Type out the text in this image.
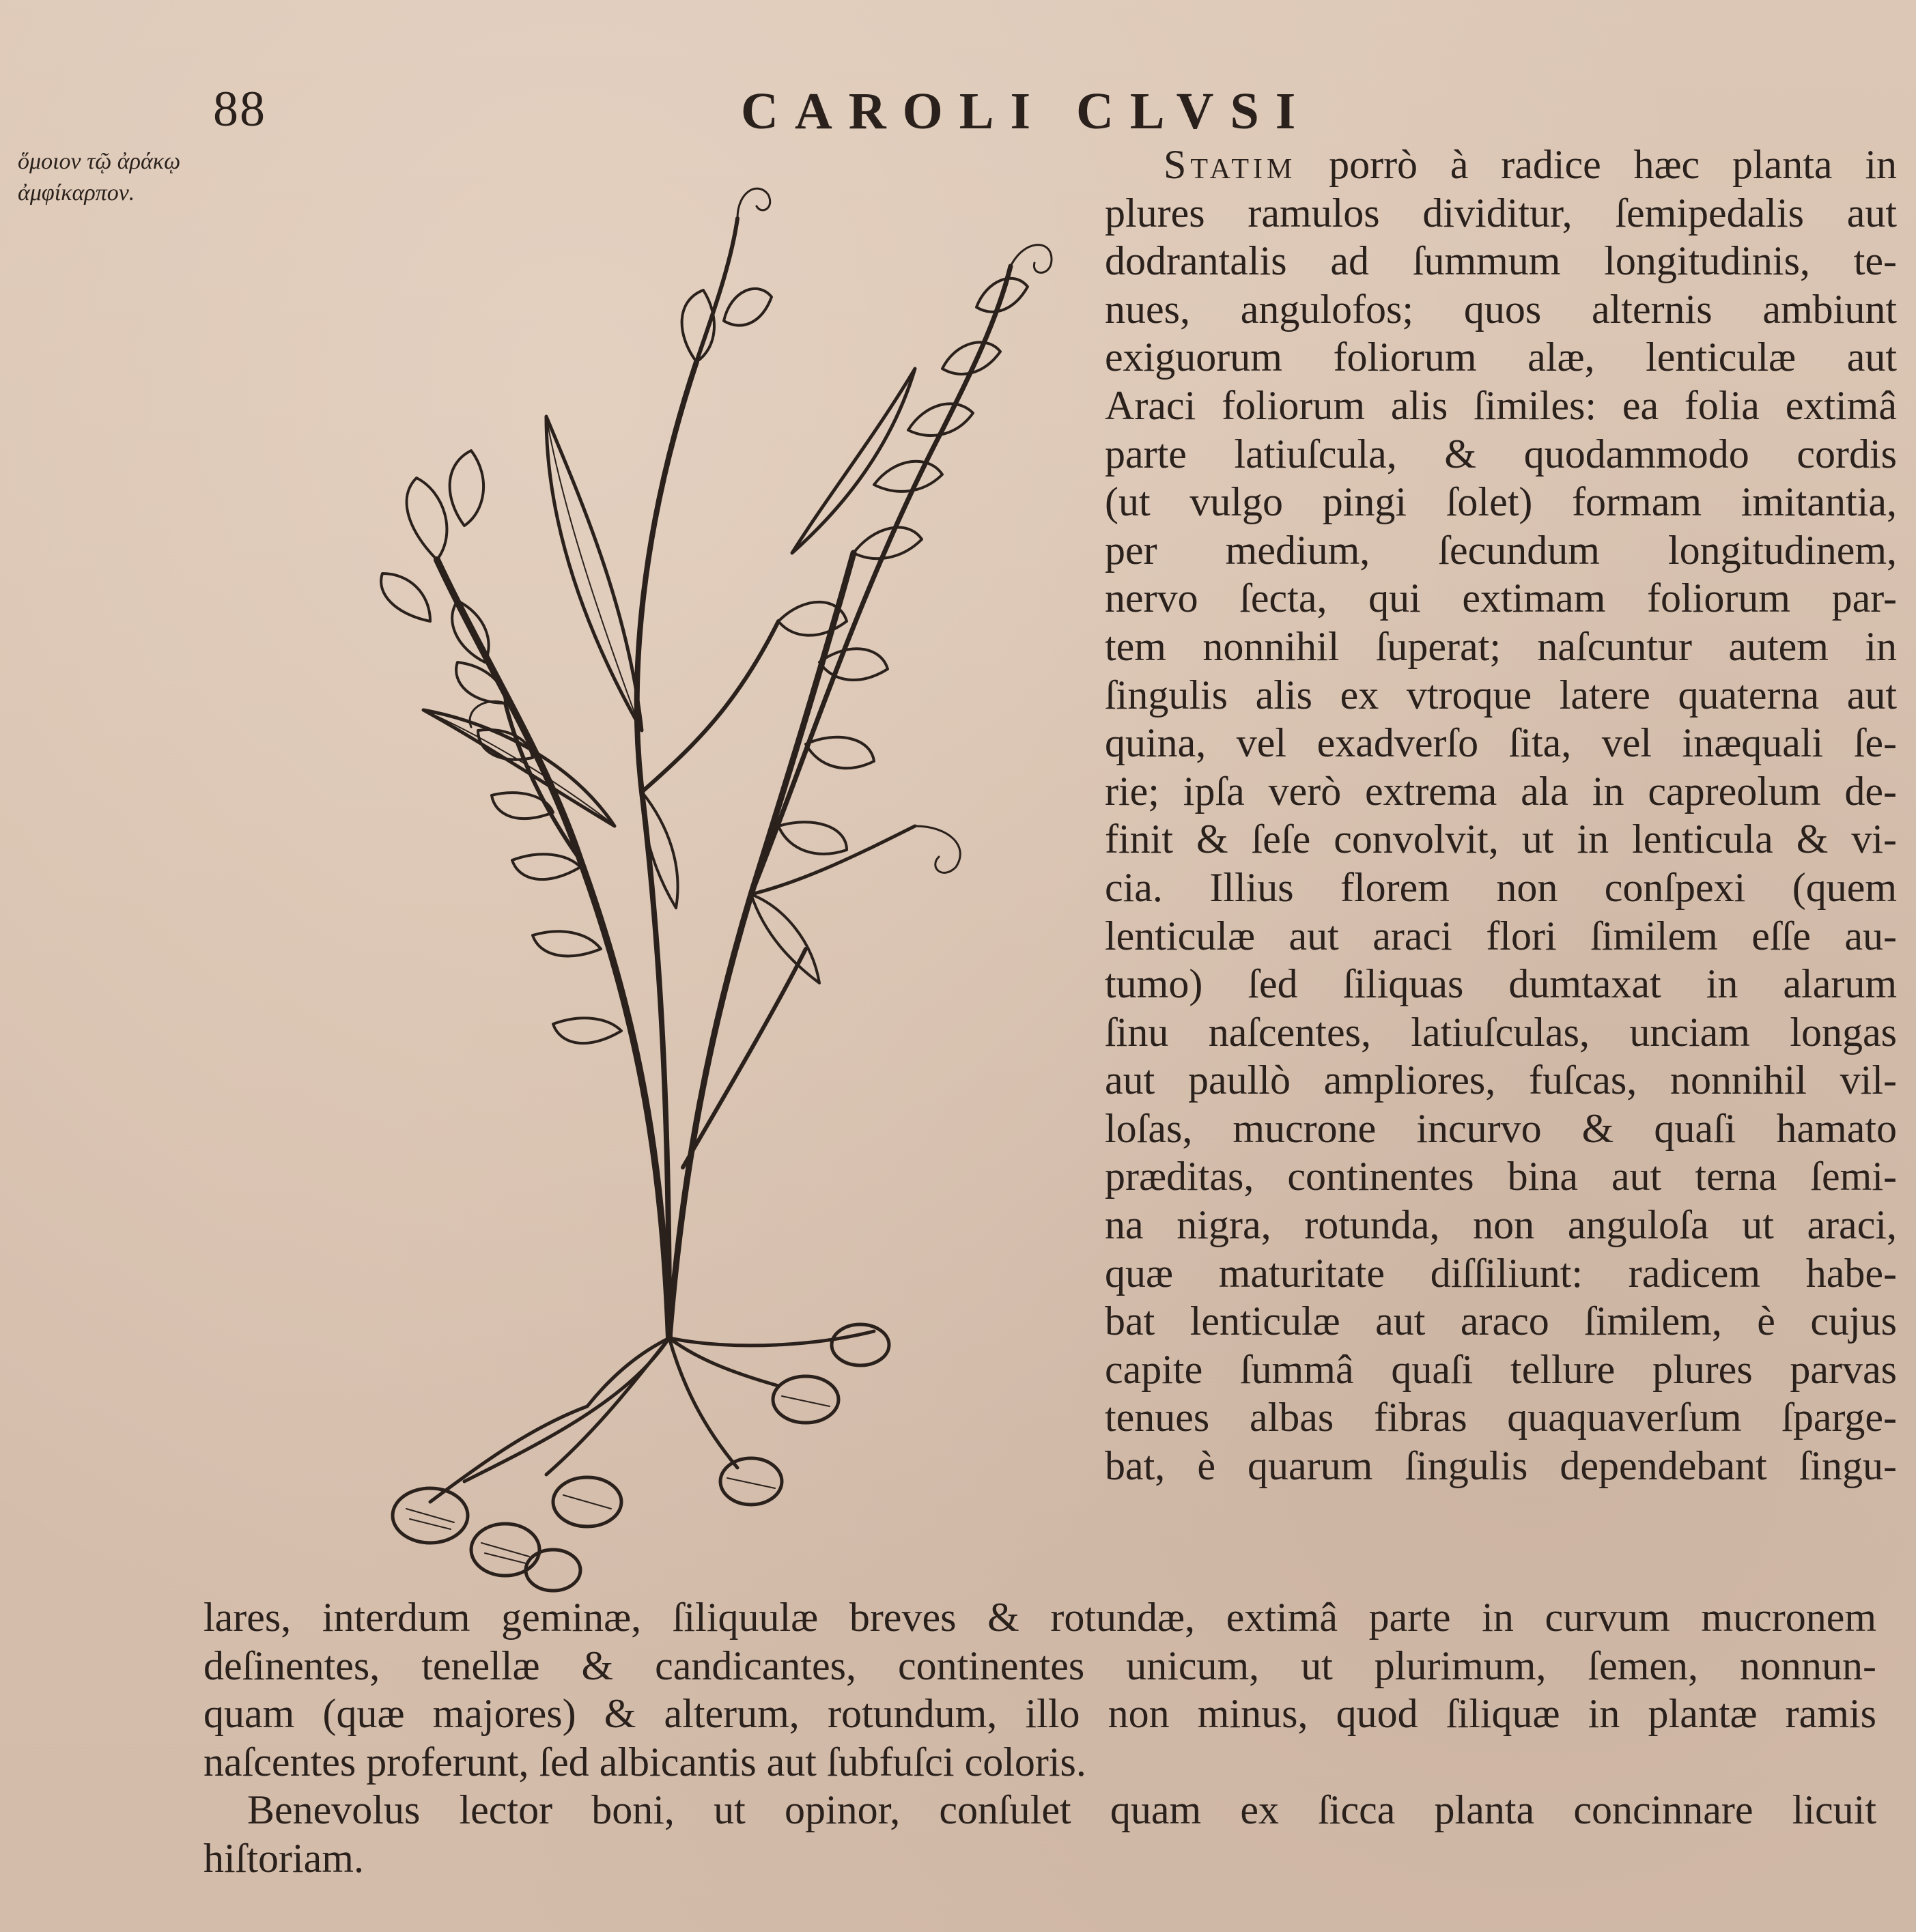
88	CAROLI CLVSI
ὅμοιον τῷ ἀράκῳ
ἀμφίκαρπον.
Statim porrò à radice hæc planta in
plures ramulos dividitur, ſemipedalis aut
dodrantalis ad ſummum longitudinis, te-
nues, angulofos; quos alternis ambiunt
exiguorum foliorum alæ, lenticulæ aut
Araci foliorum alis ſimiles: ea folia extimâ
parte latiuſcula, & quodammodo cordis
(ut vulgo pingi ſolet) formam imitantia,
per medium, ſecundum longitudinem,
nervo ſecta, qui extimam foliorum par-
tem nonnihil ſuperat; naſcuntur autem in
ſingulis alis ex vtroque latere quaterna aut
quina, vel exadverſo ſita, vel inæquali ſe-
rie; ipſa verò extrema ala in capreolum de-
finit & ſeſe convolvit, ut in lenticula & vi-
cia. Illius florem non conſpexi (quem
lenticulæ aut araci flori ſimilem eſſe au-
tumo) ſed ſiliquas dumtaxat in alarum
ſinu naſcentes, latiuſculas, unciam longas
aut paullò ampliores, fuſcas, nonnihil vil-
loſas, mucrone incurvo & quaſi hamato
præditas, continentes bina aut terna ſemi-
na nigra, rotunda, non anguloſa ut araci,
quæ maturitate diſſiliunt: radicem habe-
bat lenticulæ aut araco ſimilem, è cujus
capite ſummâ quaſi tellure plures parvas
tenues albas fibras quaquaverſum ſparge-
bat, è quarum ſingulis dependebant ſingu-
lares, interdum geminæ, ſiliquulæ breves & rotundæ, extimâ parte in curvum mucronem
deſinentes, tenellæ & candicantes, continentes unicum, ut plurimum, ſemen, nonnun-
quam (quæ majores) & alterum, rotundum, illo non minus, quod ſiliquæ in plantæ ramis
naſcentes proferunt, ſed albicantis aut ſubfuſci coloris.
Benevolus lector boni, ut opinor, conſulet quam ex ſicca planta concinnare licuit
hiſtoriam.
